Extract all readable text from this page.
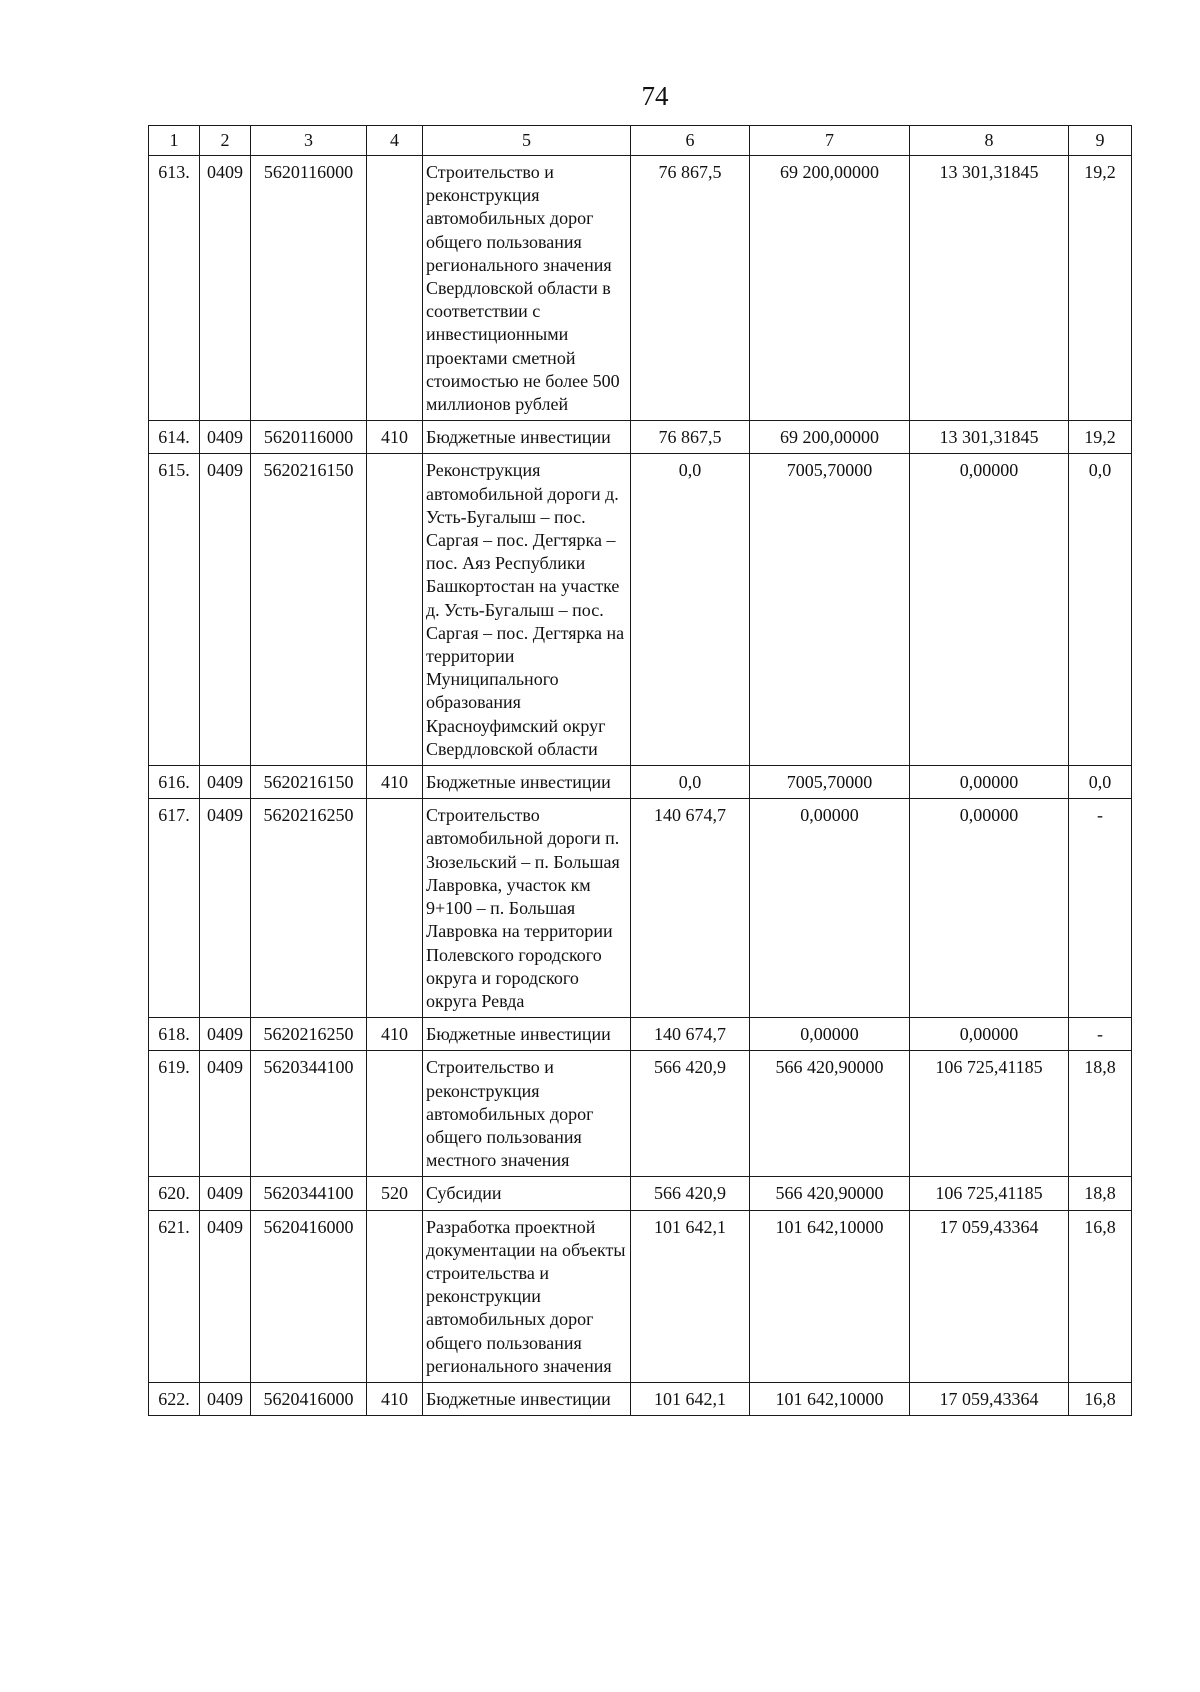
74
1	2	3	4	5	6	7	8	9
613.	0409	5620116000		Строительство и реконструкция автомобильных дорог общего пользования регионального значения Свердловской области в соответствии с инвестиционными проектами сметной стоимостью не более 500 миллионов рублей	76 867,5	69 200,00000	13 301,31845	19,2
614.	0409	5620116000	410	Бюджетные инвестиции	76 867,5	69 200,00000	13 301,31845	19,2
615.	0409	5620216150		Реконструкция автомобильной дороги д. Усть-Бугалыш – пос. Саргая – пос. Дегтярка – пос. Аяз Республики Башкортостан на участке д. Усть-Бугалыш – пос. Саргая – пос. Дегтярка на территории Муниципального образования Красноуфимский округ Свердловской области	0,0	7005,70000	0,00000	0,0
616.	0409	5620216150	410	Бюджетные инвестиции	0,0	7005,70000	0,00000	0,0
617.	0409	5620216250		Строительство автомобильной дороги п. Зюзельский – п. Большая Лавровка, участок км 9+100 – п. Большая Лавровка на территории Полевского городского округа и городского округа Ревда	140 674,7	0,00000	0,00000	-
618.	0409	5620216250	410	Бюджетные инвестиции	140 674,7	0,00000	0,00000	-
619.	0409	5620344100		Строительство и реконструкция автомобильных дорог общего пользования местного значения	566 420,9	566 420,90000	106 725,41185	18,8
620.	0409	5620344100	520	Субсидии	566 420,9	566 420,90000	106 725,41185	18,8
621.	0409	5620416000		Разработка проектной документации на объекты строительства и реконструкции автомобильных дорог общего пользования регионального значения	101 642,1	101 642,10000	17 059,43364	16,8
622.	0409	5620416000	410	Бюджетные инвестиции	101 642,1	101 642,10000	17 059,43364	16,8
